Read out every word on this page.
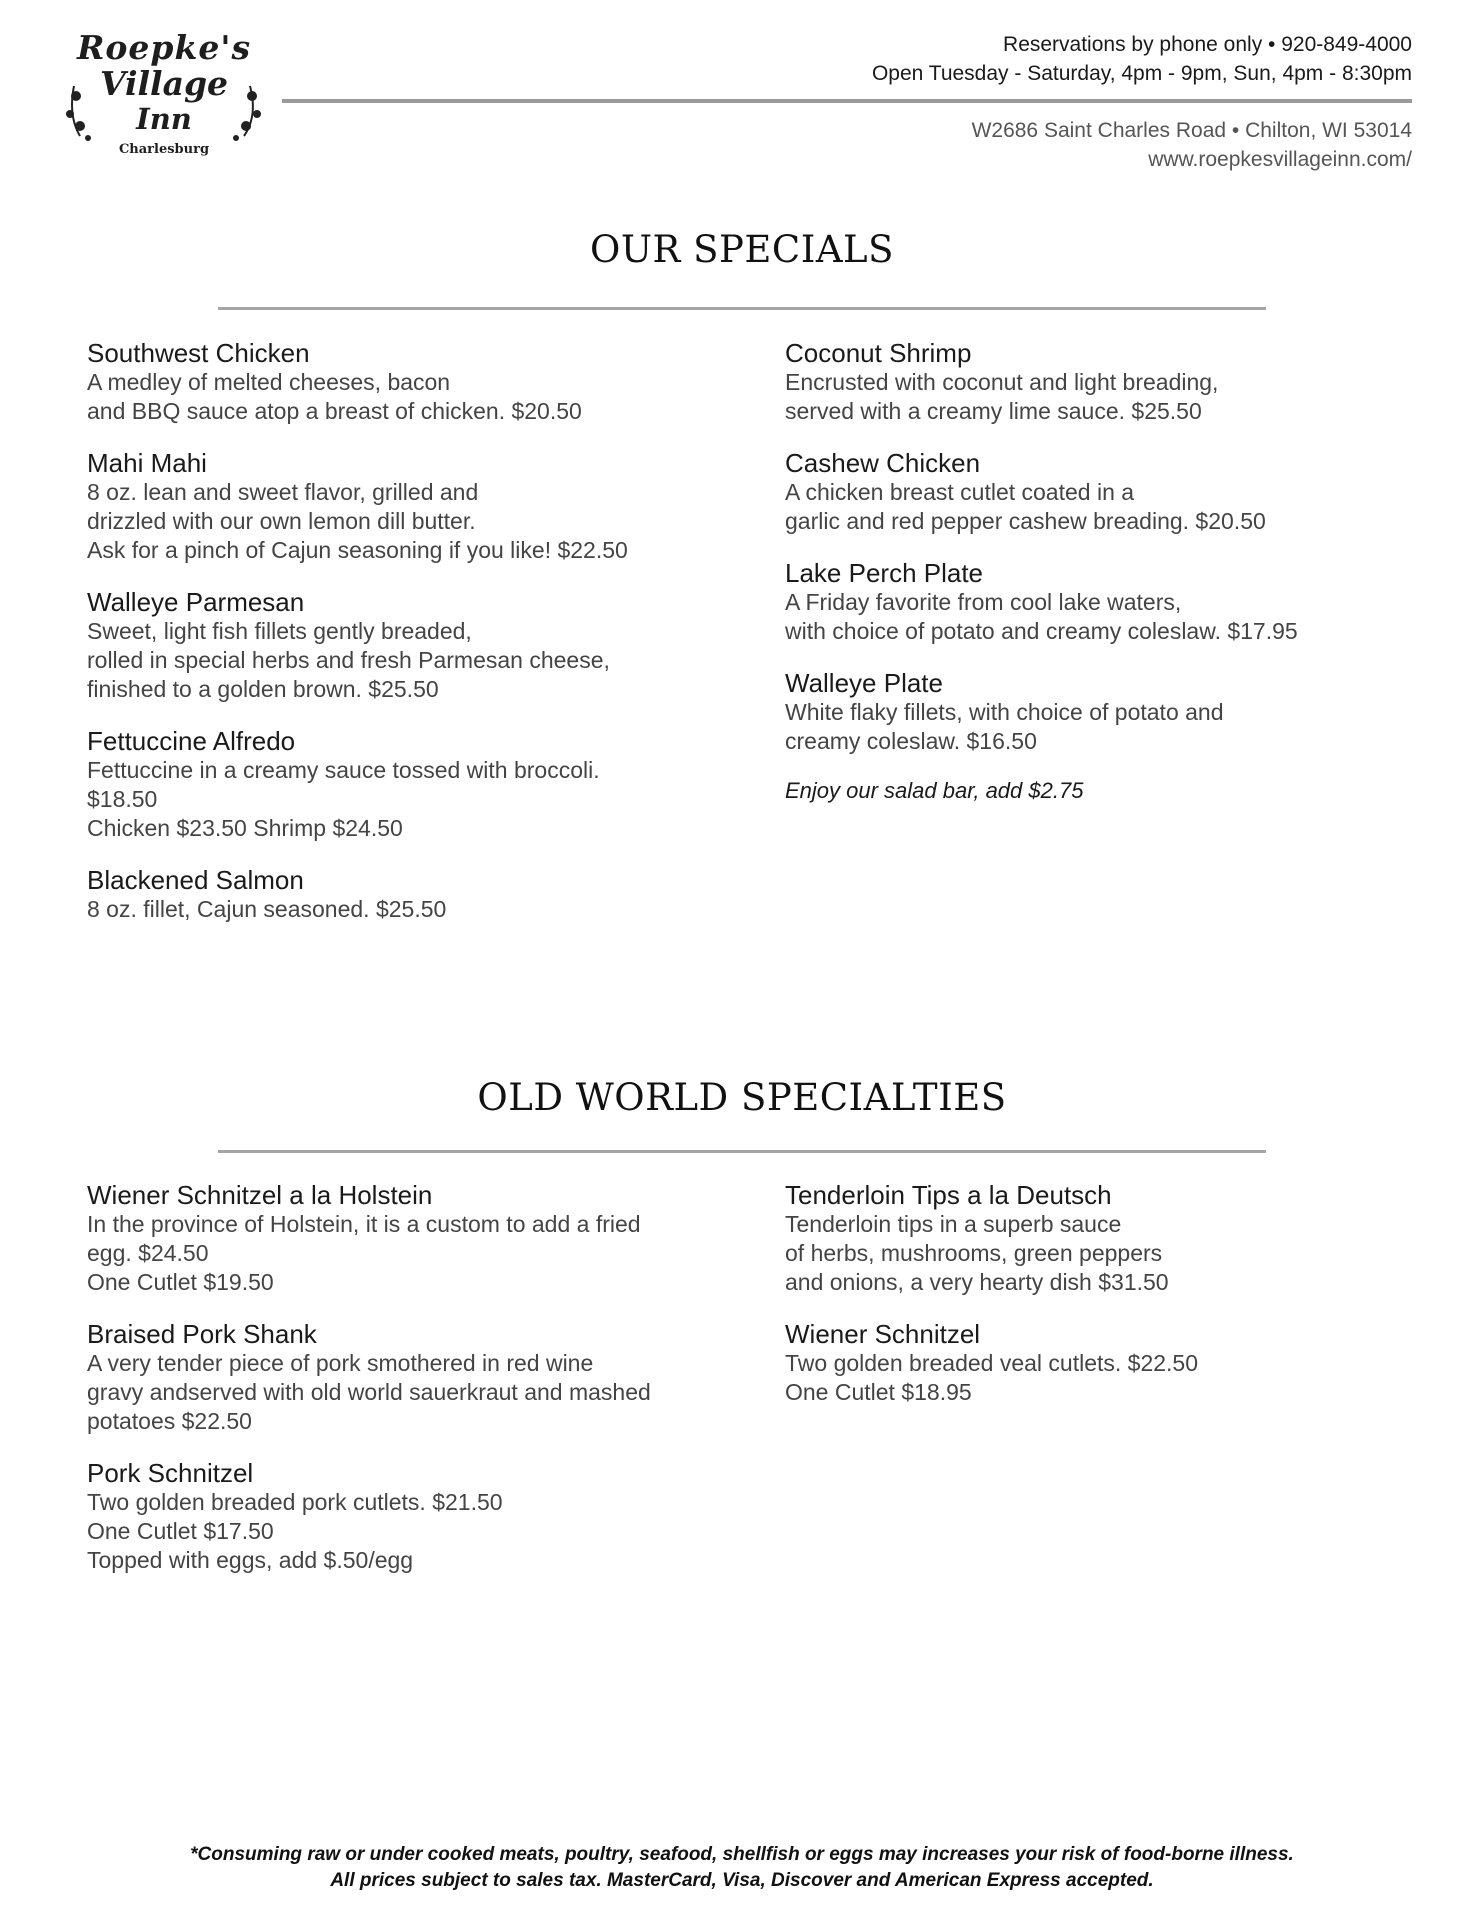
Roepke's
Village
Inn
Charlesburg
Reservations by phone only • 920-849-4000
Open Tuesday - Saturday, 4pm - 9pm, Sun, 4pm - 8:30pm
W2686 Saint Charles Road • Chilton, WI 53014
www.roepkesvillageinn.com/
OUR SPECIALS
Southwest Chicken
A medley of melted cheeses, bacon
and BBQ sauce atop a breast of chicken. $20.50
Mahi Mahi
8 oz. lean and sweet flavor, grilled and
drizzled with our own lemon dill butter.
Ask for a pinch of Cajun seasoning if you like! $22.50
Walleye Parmesan
Sweet, light fish fillets gently breaded,
rolled in special herbs and fresh Parmesan cheese,
finished to a golden brown. $25.50
Fettuccine Alfredo
Fettuccine in a creamy sauce tossed with broccoli.
$18.50
Chicken $23.50 Shrimp $24.50
Blackened Salmon
8 oz. fillet, Cajun seasoned. $25.50
Coconut Shrimp
Encrusted with coconut and light breading,
served with a creamy lime sauce. $25.50
Cashew Chicken
A chicken breast cutlet coated in a
garlic and red pepper cashew breading. $20.50
Lake Perch Plate
A Friday favorite from cool lake waters,
with choice of potato and creamy coleslaw. $17.95
Walleye Plate
White flaky fillets, with choice of potato and
creamy coleslaw. $16.50
Enjoy our salad bar, add $2.75
OLD WORLD SPECIALTIES
Wiener Schnitzel a la Holstein
In the province of Holstein, it is a custom to add a fried
egg. $24.50
One Cutlet $19.50
Braised Pork Shank
A very tender piece of pork smothered in red wine
gravy andserved with old world sauerkraut and mashed
potatoes $22.50
Pork Schnitzel
Two golden breaded pork cutlets. $21.50
One Cutlet $17.50
Topped with eggs, add $.50/egg
Tenderloin Tips a la Deutsch
Tenderloin tips in a superb sauce
of herbs, mushrooms, green peppers
and onions, a very hearty dish $31.50
Wiener Schnitzel
Two golden breaded veal cutlets. $22.50
One Cutlet $18.95
*Consuming raw or under cooked meats, poultry, seafood, shellfish or eggs may increases your risk of food-borne illness.
All prices subject to sales tax. MasterCard, Visa, Discover and American Express accepted.
